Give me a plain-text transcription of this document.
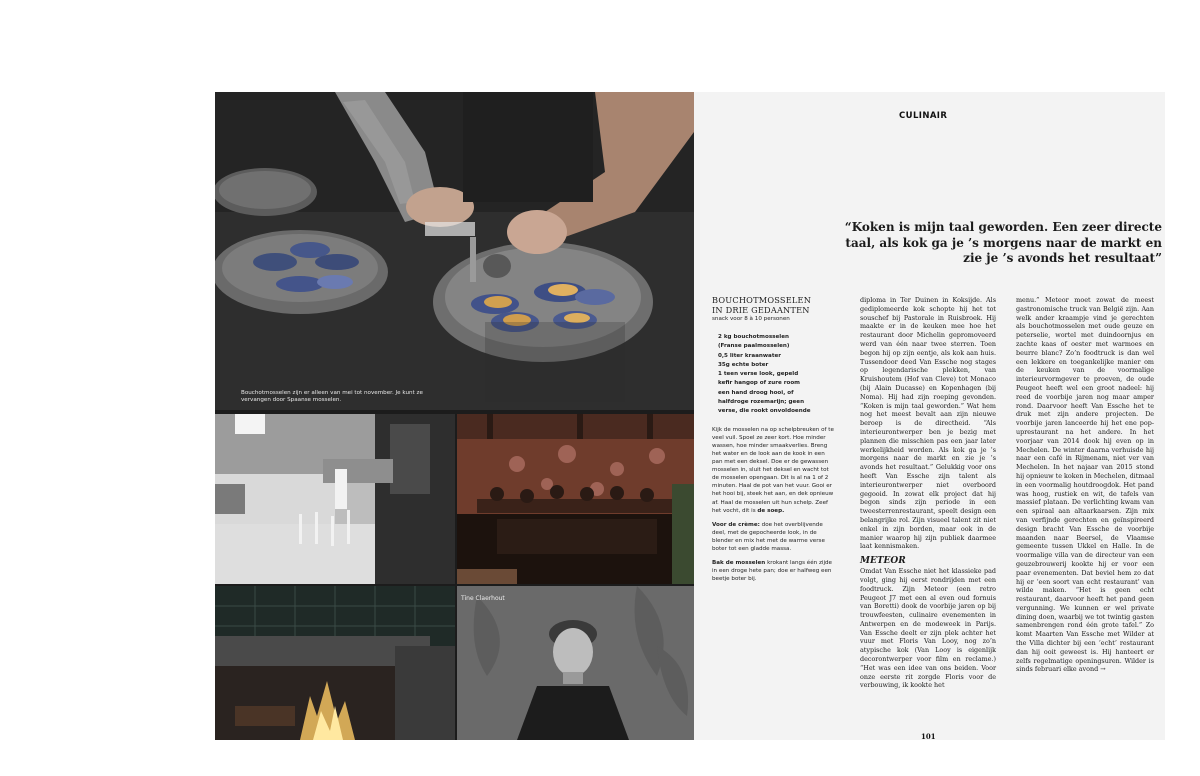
Bouchotmosselen zijn er alleen van mei tot november. Je kunt ze vervangen door Spaanse mosselen.
Tine Claerhout
CULINAIR
“Koken is mijn taal geworden. Een zeer directe taal, als kok ga je ’s morgens naar de markt en zie je ’s avonds het resultaat”
BOUCHOTMOSSELEN
IN DRIE GEDAANTEN
snack voor 8 à 10 personen
2 kg bouchotmosselen
(Franse paalmosselen)
0,5 liter kraanwater
35g echte boter
1 teen verse look, gepeld
kefir hangop of zure room
een hand droog hooi, of
halfdroge rozemarijn; geen
verse, die rookt onvoldoende

Kijk de mosselen na op schelpbreuken of te veel vuil. Spoel ze zeer kort. Hoe minder wassen, hoe minder smaakverlies. Breng het water en de look aan de kook in een pan met een deksel. Doe er de gewassen mosselen in, sluit het deksel en wacht tot de mosselen opengaan. Dit is al na 1 of 2 minuten. Haal de pot van het vuur. Gooi er het hooi bij, steek het aan, en dek opnieuw af. Haal de mosselen uit hun schelp. Zeef het vocht, dit is de soep.

Voor de crème: doe het overblijvende deel, met de gepocheerde look, in de blender en mix het met de warme verse boter tot een gladde massa.

Bak de mosselen krokant langs één zijde in een droge hete pan; doe er halfweg een beetje boter bij.

diploma in Ter Duinen in Koksijde. Als gediplomeerde kok schopte hij het tot souschef bij Pastorale in Ruisbroek. Hij maakte er in de keuken mee hoe het restaurant door Michelin gepromoveerd werd van één naar twee sterren. Toen begon hij op zijn eentje, als kok aan huis. Tussendoor deed Van Essche nog stages op legendarische plekken, van Kruishoutem (Hof van Cleve) tot Monaco (bij Alain Ducasse) en Kopenhagen (bij Noma). Hij had zijn roeping gevonden. “Koken is mijn taal geworden.” Wat hem nog het meest bevalt aan zijn nieuwe beroep is de directheid. “Als interieurontwerper ben je bezig met plannen die misschien pas een jaar later werkelijkheid worden. Als kok ga je ’s morgens naar de markt en zie je ’s avonds het resultaat.” Gelukkig voor ons heeft Van Essche zijn talent als interieurontwerper niet overboord gegooid. In zowat elk project dat hij begon sinds zijn periode in een tweesterrenrestaurant, speelt design een belangrijke rol. Zijn visueel talent zit niet enkel in zijn borden, maar ook in de manier waarop hij zijn publiek daarmee laat kennismaken.

METEOR

Omdat Van Essche niet het klassieke pad volgt, ging hij eerst rondrijden met een foodtruck. Zijn Meteor (een retro Peugeot J7 met een al even oud fornuis van Boretti) dook de voorbije jaren op bij trouwfeesten, culinaire evenementen in Antwerpen en de modeweek in Parijs. Van Essche deelt er zijn plek achter het vuur met Floris Van Looy, nog zo’n atypische kok (Van Looy is eigenlijk decorontwerper voor film en reclame.) “Het was een idee van ons beiden. Voor onze eerste rit zorgde Floris voor de verbouwing, ik kookte het

menu.” Meteor moet zowat de meest gastronomische truck van België zijn. Aan welk ander kraampje vind je gerechten als bouchotmosselen met oude geuze en peterselie, wortel met duindoornjus en zachte kaas of oester met warmoes en beurre blanc? Zo’n foodtruck is dan wel een lekkere en toegankelijke manier om de keuken van de voormalige interieurvormgever te proeven, de oude Peugeot heeft wel een groot nadeel: hij reed de voorbije jaren nog maar amper rond. Daarvoor heeft Van Essche het te druk met zijn andere projecten. De voorbije jaren lanceerde hij het ene pop-uprestaurant na het andere. In het voorjaar van 2014 dook hij even op in Mechelen. De winter daarna verhuisde hij naar een café in Rijmenam, niet ver van Mechelen. In het najaar van 2015 stond hij opnieuw te koken in Mechelen, ditmaal in een voormalig houtdroogdok. Het pand was hoog, rustiek en wit, de tafels van massief plataan. De verlichting kwam van een spiraal aan altaarkaarsen. Zijn mix van verfijnde gerechten en geïnspireerd design bracht Van Essche de voorbije maanden naar Beersel, de Vlaamse gemeente tussen Ukkel en Halle. In de voormalige villa van de directeur van een geuzebrouwerij kookte hij er voor een paar evenementen. Dat beviel hem zo dat hij er ‘een soort van echt restaurant’ van wilde maken. “Het is geen echt restaurant, daarvoor heeft het pand geen vergunning. We kunnen er wel private dining doen, waarbij we tot twintig gasten samenbrengen rond één grote tafel.” Zo komt Maarten Van Essche met Wilder at the Villa dichter bij een ‘echt’ restaurant dan hij ooit geweest is. Hij hanteert er zelfs regelmatige openingsuren. Wilder is sinds februari elke avond →

101
